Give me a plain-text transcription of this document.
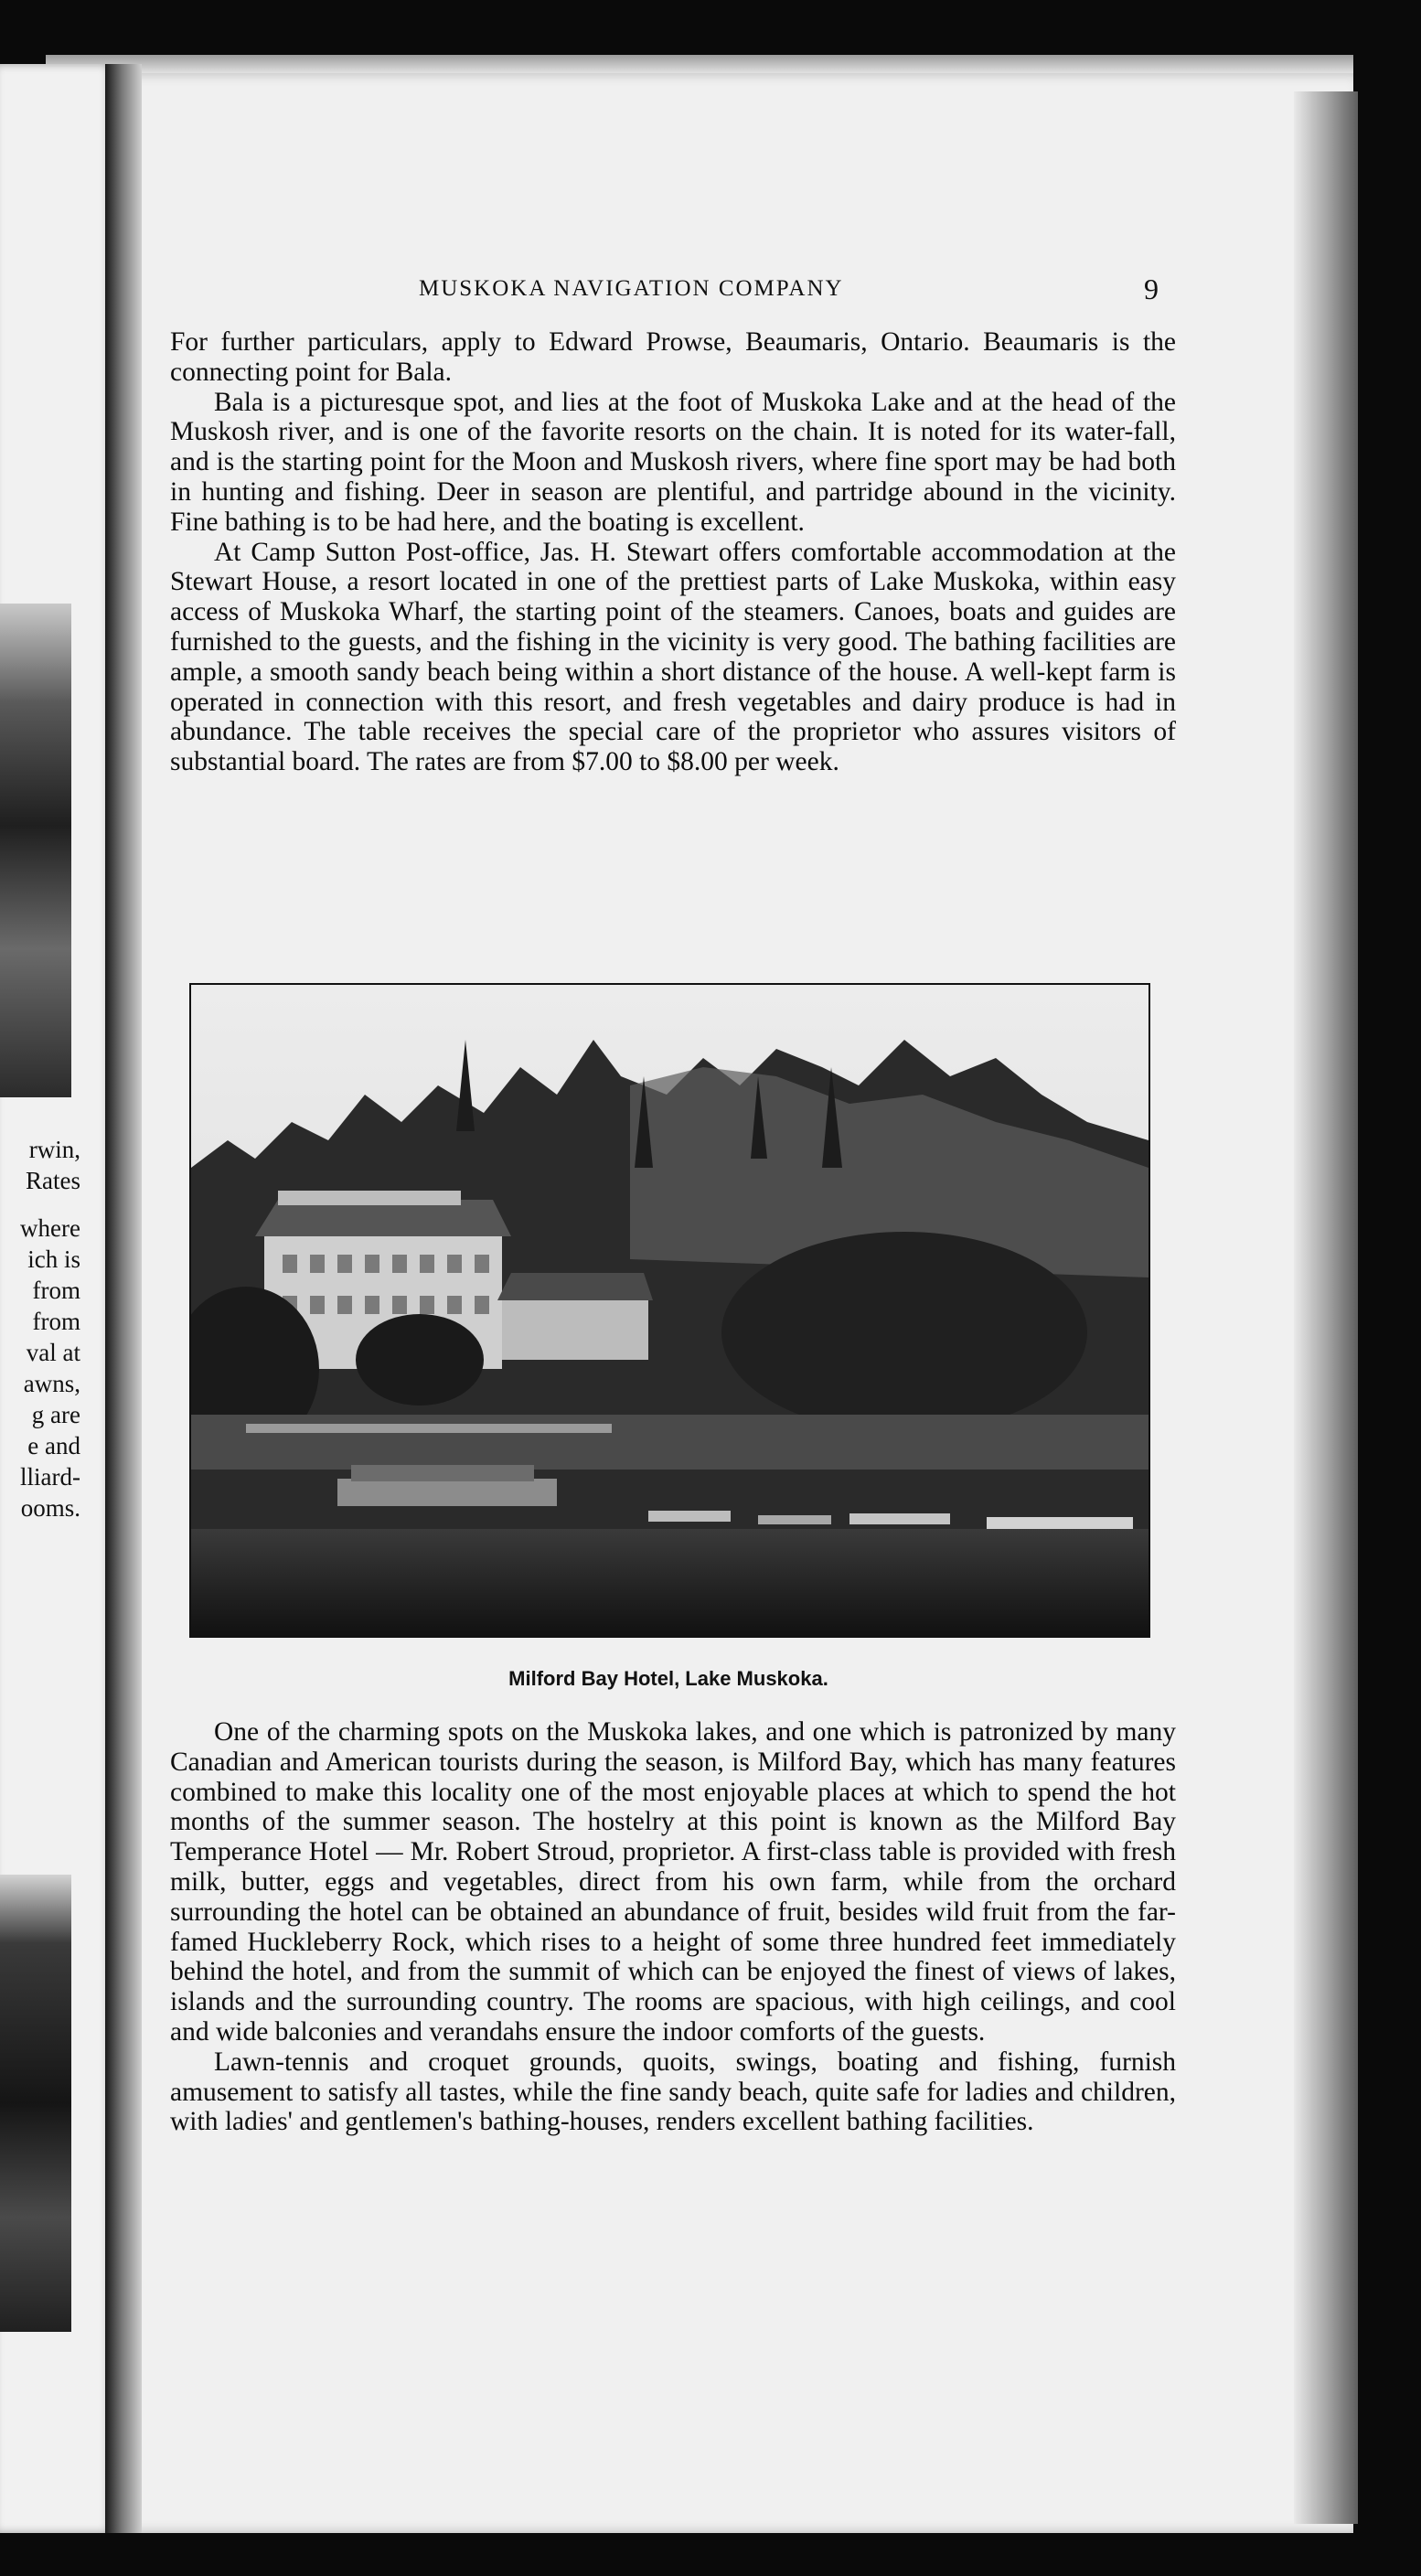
rwin,
Rates
where
ich is
from
from
val at
awns,
g are
e and
lliard-
ooms.
MUSKOKA NAVIGATION COMPANY	9

For further particulars, apply to Edward Prowse, Beaumaris, Ontario. Beaumaris is the connecting point for Bala.

Bala is a picturesque spot, and lies at the foot of Muskoka Lake and at the head of the Muskosh river, and is one of the favorite resorts on the chain. It is noted for its water-fall, and is the starting point for the Moon and Muskosh rivers, where fine sport may be had both in hunting and fishing. Deer in season are plentiful, and partridge abound in the vicinity. Fine bathing is to be had here, and the boating is excellent.

At Camp Sutton Post-office, Jas. H. Stewart offers comfortable accommodation at the Stewart House, a resort located in one of the prettiest parts of Lake Muskoka, within easy access of Muskoka Wharf, the starting point of the steamers. Canoes, boats and guides are furnished to the guests, and the fishing in the vicinity is very good. The bathing facilities are ample, a smooth sandy beach being within a short distance of the house. A well-kept farm is operated in connection with this resort, and fresh vegetables and dairy produce is had in abundance. The table receives the special care of the proprietor who assures visitors of substantial board. The rates are from $7.00 to $8.00 per week.

Milford Bay Hotel, Lake Muskoka.

One of the charming spots on the Muskoka lakes, and one which is patronized by many Canadian and American tourists during the season, is Milford Bay, which has many features combined to make this locality one of the most enjoyable places at which to spend the hot months of the summer season. The hostelry at this point is known as the Milford Bay Temperance Hotel — Mr. Robert Stroud, proprietor. A first-class table is provided with fresh milk, butter, eggs and vegetables, direct from his own farm, while from the orchard surrounding the hotel can be obtained an abundance of fruit, besides wild fruit from the far-famed Huckleberry Rock, which rises to a height of some three hundred feet immediately behind the hotel, and from the summit of which can be enjoyed the finest of views of lakes, islands and the surrounding country. The rooms are spacious, with high ceilings, and cool and wide balconies and verandahs ensure the indoor comforts of the guests.

Lawn-tennis and croquet grounds, quoits, swings, boating and fishing, furnish amusement to satisfy all tastes, while the fine sandy beach, quite safe for ladies and children, with ladies' and gentlemen's bathing-houses, renders excellent bathing facilities.
